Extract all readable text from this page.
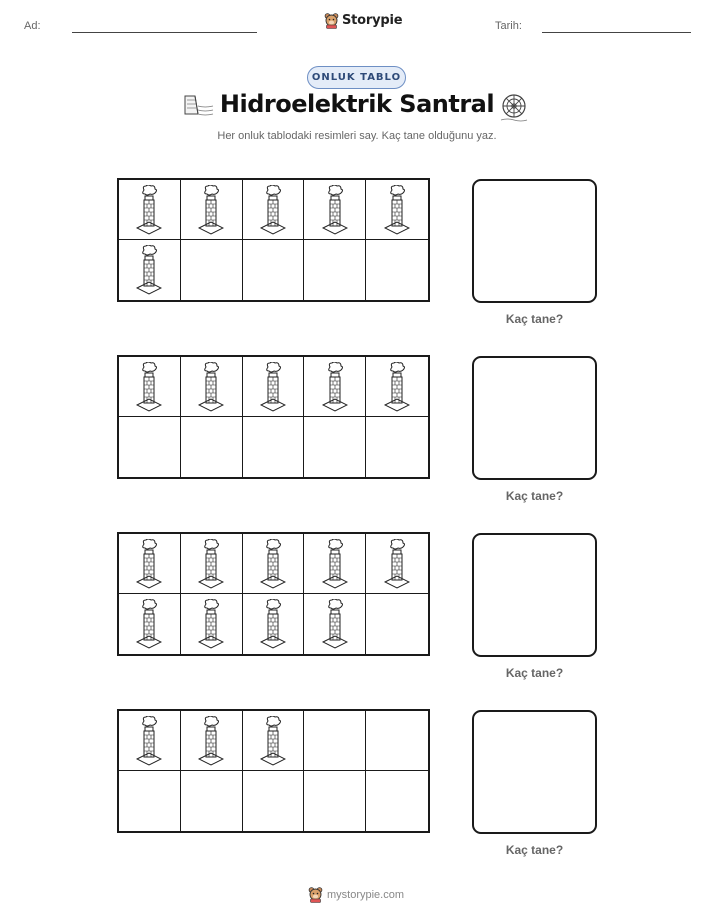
Ad:	Storypie	Tarih:
ONLUK TABLO
Hidroelektrik Santral
Her onluk tablodaki resimleri say. Kaç tane olduğunu yaz.
Kaç tane?
Kaç tane?
Kaç tane?
Kaç tane?
mystorypie.com
